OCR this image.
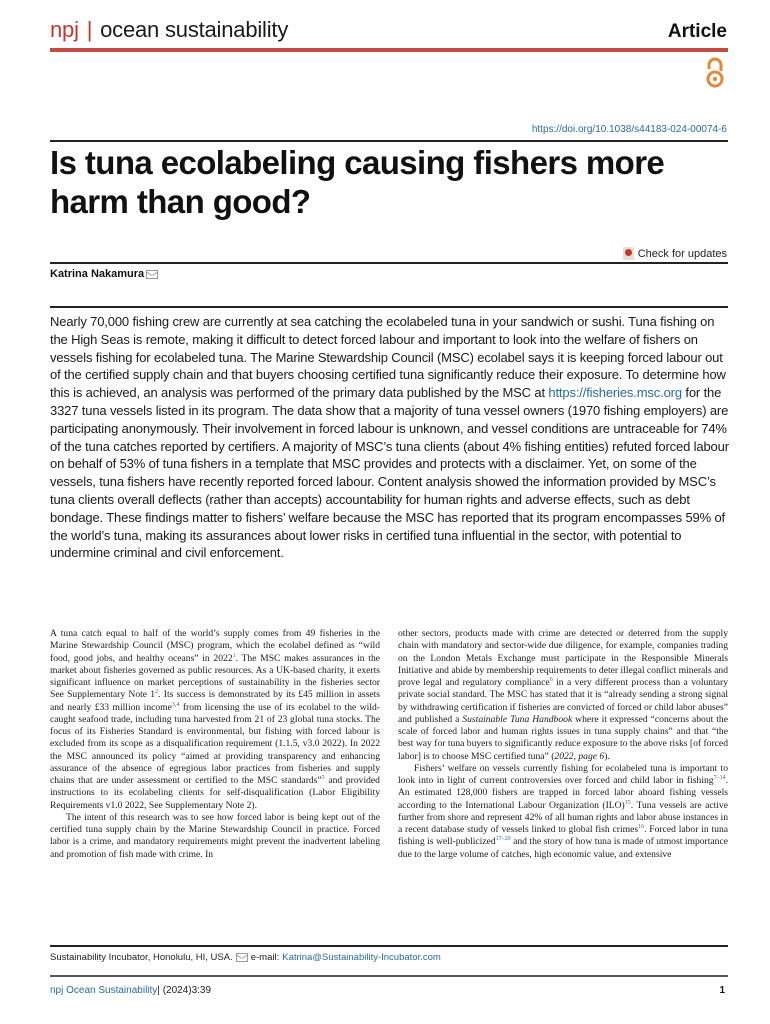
npj | ocean sustainability	Article
https://doi.org/10.1038/s44183-024-00074-6
Is tuna ecolabeling causing fishers more harm than good?
Check for updates
Katrina Nakamura
Nearly 70,000 fishing crew are currently at sea catching the ecolabeled tuna in your sandwich or sushi. Tuna fishing on the High Seas is remote, making it difficult to detect forced labour and important to look into the welfare of fishers on vessels fishing for ecolabeled tuna. The Marine Stewardship Council (MSC) ecolabel says it is keeping forced labour out of the certified supply chain and that buyers choosing certified tuna significantly reduce their exposure. To determine how this is achieved, an analysis was performed of the primary data published by the MSC at https://fisheries.msc.org for the 3327 tuna vessels listed in its program. The data show that a majority of tuna vessel owners (1970 fishing employers) are participating anonymously. Their involvement in forced labour is unknown, and vessel conditions are untraceable for 74% of the tuna catches reported by certifiers. A majority of MSC’s tuna clients (about 4% fishing entities) refuted forced labour on behalf of 53% of tuna fishers in a template that MSC provides and protects with a disclaimer. Yet, on some of the vessels, tuna fishers have recently reported forced labour. Content analysis showed the information provided by MSC’s tuna clients overall deflects (rather than accepts) accountability for human rights and adverse effects, such as debt bondage. These findings matter to fishers’ welfare because the MSC has reported that its program encompasses 59% of the world’s tuna, making its assurances about lower risks in certified tuna influential in the sector, with potential to undermine criminal and civil enforcement.

A tuna catch equal to half of the world’s supply comes from 49 fisheries in the Marine Stewardship Council (MSC) program, which the ecolabel defined as “wild food, good jobs, and healthy oceans” in 2022$^1$. The MSC makes assurances in the market about fisheries governed as public resources. As a UK-based charity, it exerts significant influence on market perceptions of sustainability in the fisheries sector See Supplementary Note $1^2$. Its success is demonstrated by its £45 million in assets and nearly £33 million income$^{3,4}$ from licensing the use of its ecolabel to the wild-caught seafood trade, including tuna harvested from 21 of 23 global tuna stocks. The focus of its Fisheries Standard is environmental, but fishing with forced labour is excluded from its scope as a disqualification requirement (1.1.5, v3.0 2022). In 2022 the MSC announced its policy “aimed at providing transparency and enhancing assurance of the absence of egregious labor practices from fisheries and supply chains that are under assessment or certified to the MSC standards”$^5$ and provided instructions to its ecolabeling clients for self-disqualification (Labor Eligibility Requirements v1.0 2022, See Supplementary Note 2).

The intent of this research was to see how forced labor is being kept out of the certified tuna supply chain by the Marine Stewardship Council in practice. Forced labor is a crime, and mandatory requirements might prevent the inadvertent labeling and promotion of fish made with crime. In

other sectors, products made with crime are detected or deterred from the supply chain with mandatory and sector-wide due diligence, for example, companies trading on the London Metals Exchange must participate in the Responsible Minerals Initiative and abide by membership requirements to deter illegal conflict minerals and prove legal and regulatory compliance$^6$ in a very different process than a voluntary private social standard. The MSC has stated that it is “already sending a strong signal by withdrawing certification if fisheries are convicted of forced or child labor abuses” and published a Sustainable Tuna Handbook where it expressed “concerns about the scale of forced labor and human rights issues in tuna supply chains” and that “the best way for tuna buyers to significantly reduce exposure to the above risks [of forced labor] is to choose MSC certified tuna” (2022, page 6).

Fishers’ welfare on vessels currently fishing for ecolabeled tuna is important to look into in light of current controversies over forced and child labor in fishing$^{7-14}$. An estimated 128,000 fishers are trapped in forced labor aboard fishing vessels according to the International Labour Organization (ILO)$^{15}$. Tuna vessels are active further from shore and represent 42% of all human rights and labor abuse instances in a recent database study of vessels linked to global fish crimes$^{16}$. Forced labor in tuna fishing is well-publicized$^{17-20}$ and the story of how tuna is made of utmost importance due to the large volume of catches, high economic value, and extensive

Sustainability Incubator, Honolulu, HI, USA. e-mail: Katrina@Sustainability-Incubator.com
npj Ocean Sustainability| (2024)3:39	1
